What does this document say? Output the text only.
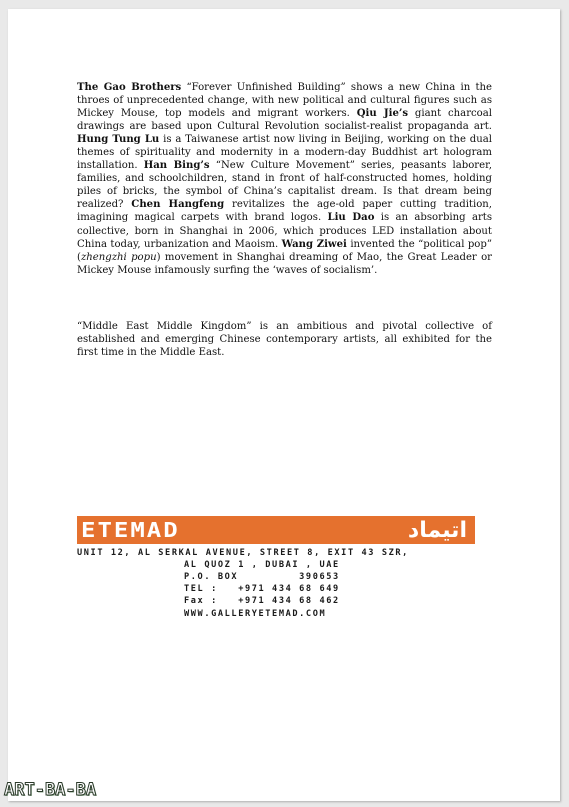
The Gao Brothers “Forever Unfinished Building” shows a new China in the throes of unprecedented change, with new political and cultural figures such as Mickey Mouse, top models and migrant workers. Qiu Jie’s giant charcoal drawings are based upon Cultural Revolution socialist-realist propaganda art. Hung Tung Lu is a Taiwanese artist now living in Beijing, working on the dual themes of spirituality and modernity in a modern-day Buddhist art hologram installation. Han Bing’s “New Culture Movement” series, peasants laborer, families, and schoolchildren, stand in front of half-constructed homes, holding piles of bricks, the symbol of China’s capitalist dream. Is that dream being realized? Chen Hangfeng revitalizes the age-old paper cutting tradition, imagining magical carpets with brand logos. Liu Dao is an absorbing arts collective, born in Shanghai in 2006, which produces LED installation about China today, urbanization and Maoism. Wang Ziwei invented the “political pop” (zhengzhi popu) movement in Shanghai dreaming of Mao, the Great Leader or Mickey Mouse infamously surfing the ‘waves of socialism’.

“Middle East Middle Kingdom” is an ambitious and pivotal collective of established and emerging Chinese contemporary artists, all exhibited for the first time in the Middle East.

ETEMAD	اتيماد
UNIT 12, AL SERKAL AVENUE, STREET 8, EXIT 43 SZR,
AL QUOZ 1 , DUBAI , UAE
P.O. BOX         390653
TEL :   +971 434 68 649
Fax :   +971 434 68 462
WWW.GALLERYETEMAD.COM
ART-BA-BA
